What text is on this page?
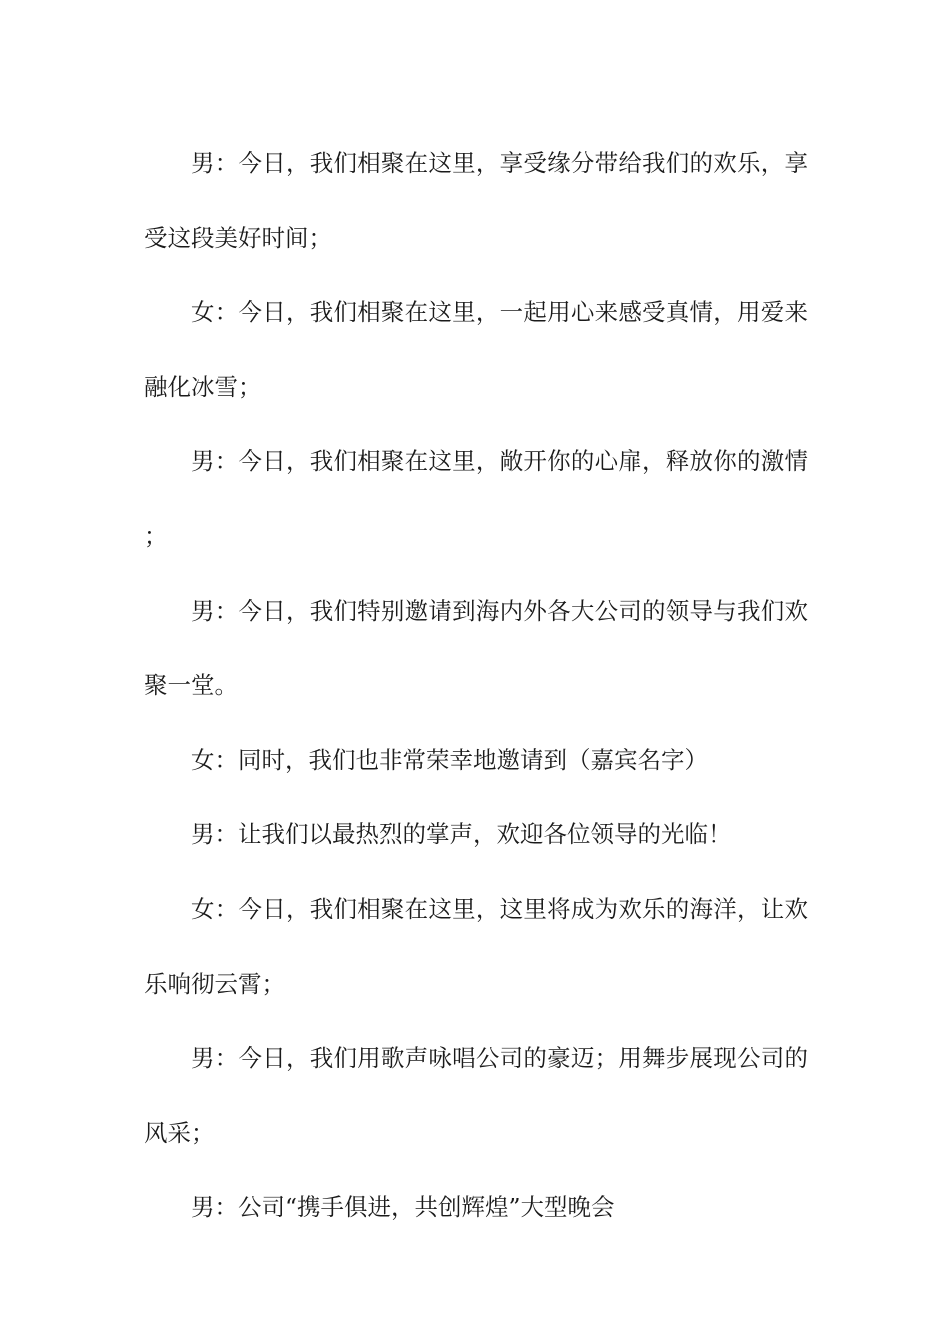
男：今日，我们相聚在这里，享受缘分带给我们的欢乐，享受这段美好时间；

女：今日，我们相聚在这里，一起用心来感受真情，用爱来融化冰雪；

男：今日，我们相聚在这里，敞开你的心扉，释放你的激情；

男：今日，我们特别邀请到海内外各大公司的领导与我们欢聚一堂。

女：同时，我们也非常荣幸地邀请到（嘉宾名字）

男：让我们以最热烈的掌声，欢迎各位领导的光临！

女：今日，我们相聚在这里，这里将成为欢乐的海洋，让欢乐响彻云霄；

男：今日，我们用歌声咏唱公司的豪迈；用舞步展现公司的风采；

男：公司“携手俱进，共创辉煌”大型晚会
